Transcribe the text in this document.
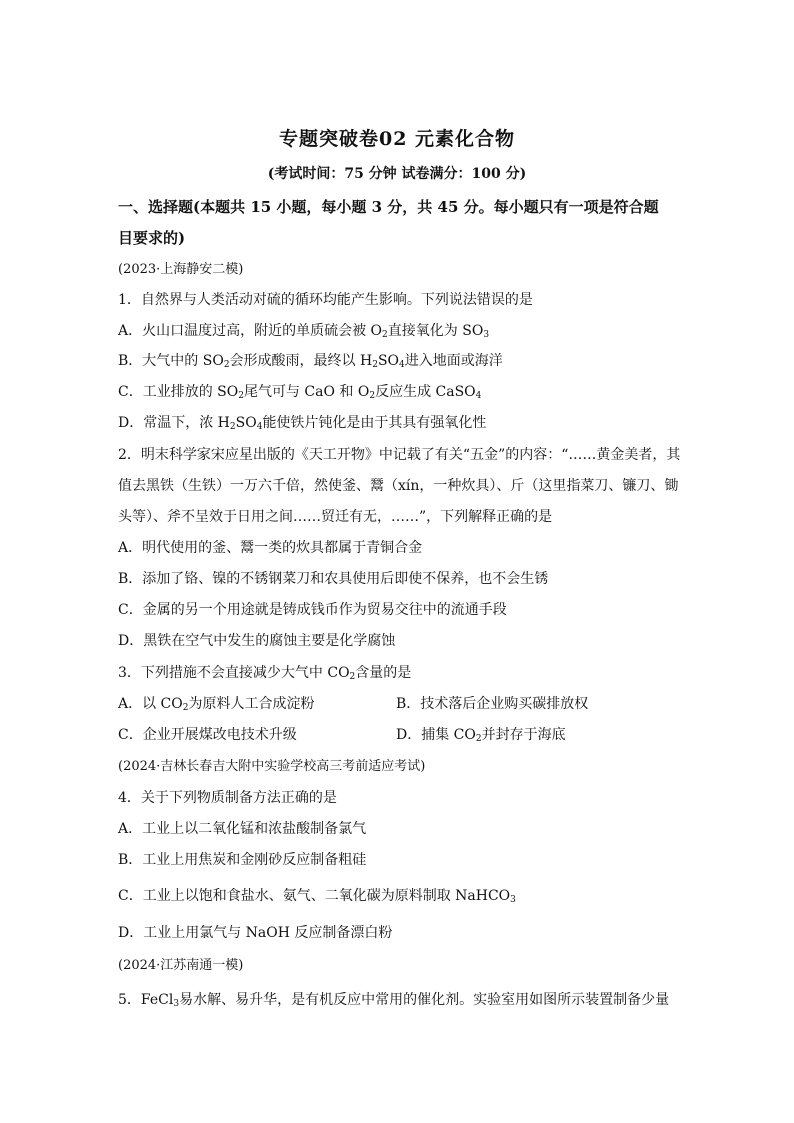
专题突破卷02 元素化合物
(考试时间：75 分钟 试卷满分：100 分)
一、选择题(本题共 15 小题，每小题 3 分，共 45 分。每小题只有一项是符合题
目要求的)
(2023·上海静安二模)
1．自然界与人类活动对硫的循环均能产生影响。下列说法错误的是
A．火山口温度过高，附近的单质硫会被 $O_2$直接氧化为 $SO_3$
B．大气中的 $SO_2$会形成酸雨，最终以 $H_2SO_4$进入地面或海洋
C．工业排放的 $SO_2$尾气可与 CaO 和 $O_2$反应生成 CaSO$_4$
D．常温下，浓 $H_2SO_4$能使铁片钝化是由于其具有强氧化性
2．明末科学家宋应星出版的《天工开物》中记载了有关“五金”的内容：“……黄金美者，其
值去黑铁（生铁）一万六千倍，然使釜、鬵（xín，一种炊具）、斤（这里指菜刀、镰刀、锄
头等）、斧不呈效于日用之间……贸迁有无，……”，下列解释正确的是
A．明代使用的釜、鬵一类的炊具都属于青铜合金
B．添加了铬、镍的不锈钢菜刀和农具使用后即使不保养，也不会生锈
C．金属的另一个用途就是铸成钱币作为贸易交往中的流通手段
D．黑铁在空气中发生的腐蚀主要是化学腐蚀
3．下列措施不会直接减少大气中 $CO_2$含量的是
A．以 $CO_2$为原料人工合成淀粉	B．技术落后企业购买碳排放权
C．企业开展煤改电技术升级	D．捕集 $CO_2$并封存于海底
(2024·吉林长春吉大附中实验学校高三考前适应考试)
4．关于下列物质制备方法正确的是
A．工业上以二氧化锰和浓盐酸制备氯气
B．工业上用焦炭和金刚砂反应制备粗硅
C．工业上以饱和食盐水、氨气、二氧化碳为原料制取 NaHCO$_3$
D．工业上用氯气与 NaOH 反应制备漂白粉
(2024·江苏南通一模)
5．FeCl$_3$易水解、易升华，是有机反应中常用的催化剂。实验室用如图所示装置制备少量
